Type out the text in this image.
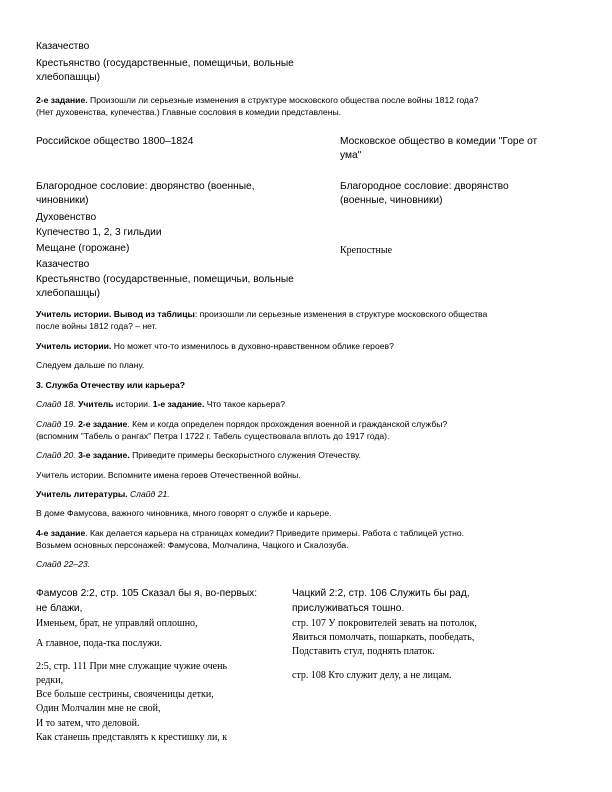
Казачество
Крестьянство (государственные, помещичьи, вольные
хлебопашцы)
2-е задание. Произошли ли серьезные изменения в структуре московского общества после войны 1812 года?
(Нет духовенства, купечества.) Главные сословия в комедии представлены.
Российское общество 1800–1824	Московское общество в комедии "Горе от
ума"
Благородное сословие: дворянство (военные,
чиновники)
Духовенство
Купечество 1, 2, 3 гильдии
Мещане (горожане)
Казачество
Крестьянство (государственные, помещичьи, вольные
хлебопашцы)
Благородное сословие: дворянство
(военные, чиновники)
Крепостные
Учитель истории. Вывод из таблицы: произошли ли серьезные изменения в структуре московского общества
после войны 1812 года? – нет.
Учитель истории. Но может что-то изменилось в духовно-нравственном облике героев?
Следуем дальше по плану.
3. Служба Отечеству или карьера?
Слайд 18. Учитель истории. 1-е задание. Что такое карьера?
Слайд 19. 2-е задание. Кем и когда определен порядок прохождения военной и гражданской службы?
(вспомним "Табель о рангах" Петра I 1722 г. Табель существовала вплоть до 1917 года).
Слайд 20. 3-е задание. Приведите примеры бескорыстного служения Отечеству.
Учитель истории. Вспомните имена героев Отечественной войны.
Учитель литературы. Слайд 21.
В доме Фамусова, важного чиновника, много говорят о службе и карьере.
4-е задание. Как делается карьера на страницах комедии? Приведите примеры. Работа с таблицей устно.
Возьмем основных персонажей: Фамусова, Молчалина, Чацкого и Скалозуба.
Слайд 22–23.
Фамусов 2:2, стр. 105 Сказал бы я, во-первых:
не блажи,
Именьем, брат, не управляй оплошно,
А главное, пода-тка послужи.
2:5, стр. 111 При мне служащие чужие очень
редки,
Все больше сестрины, свояченицы детки,
Один Молчалин мне не свой,
И то затем, что деловой.
Как станешь представлять к крестишку ли, к
Чацкий 2:2, стр. 106 Служить бы рад,
прислуживаться тошно.
стр. 107 У покровителей зевать на потолок,
Явиться помолчать, пошаркать, пообедать,
Подставить стул, поднять платок.
стр. 108 Кто служит делу, а не лицам.
